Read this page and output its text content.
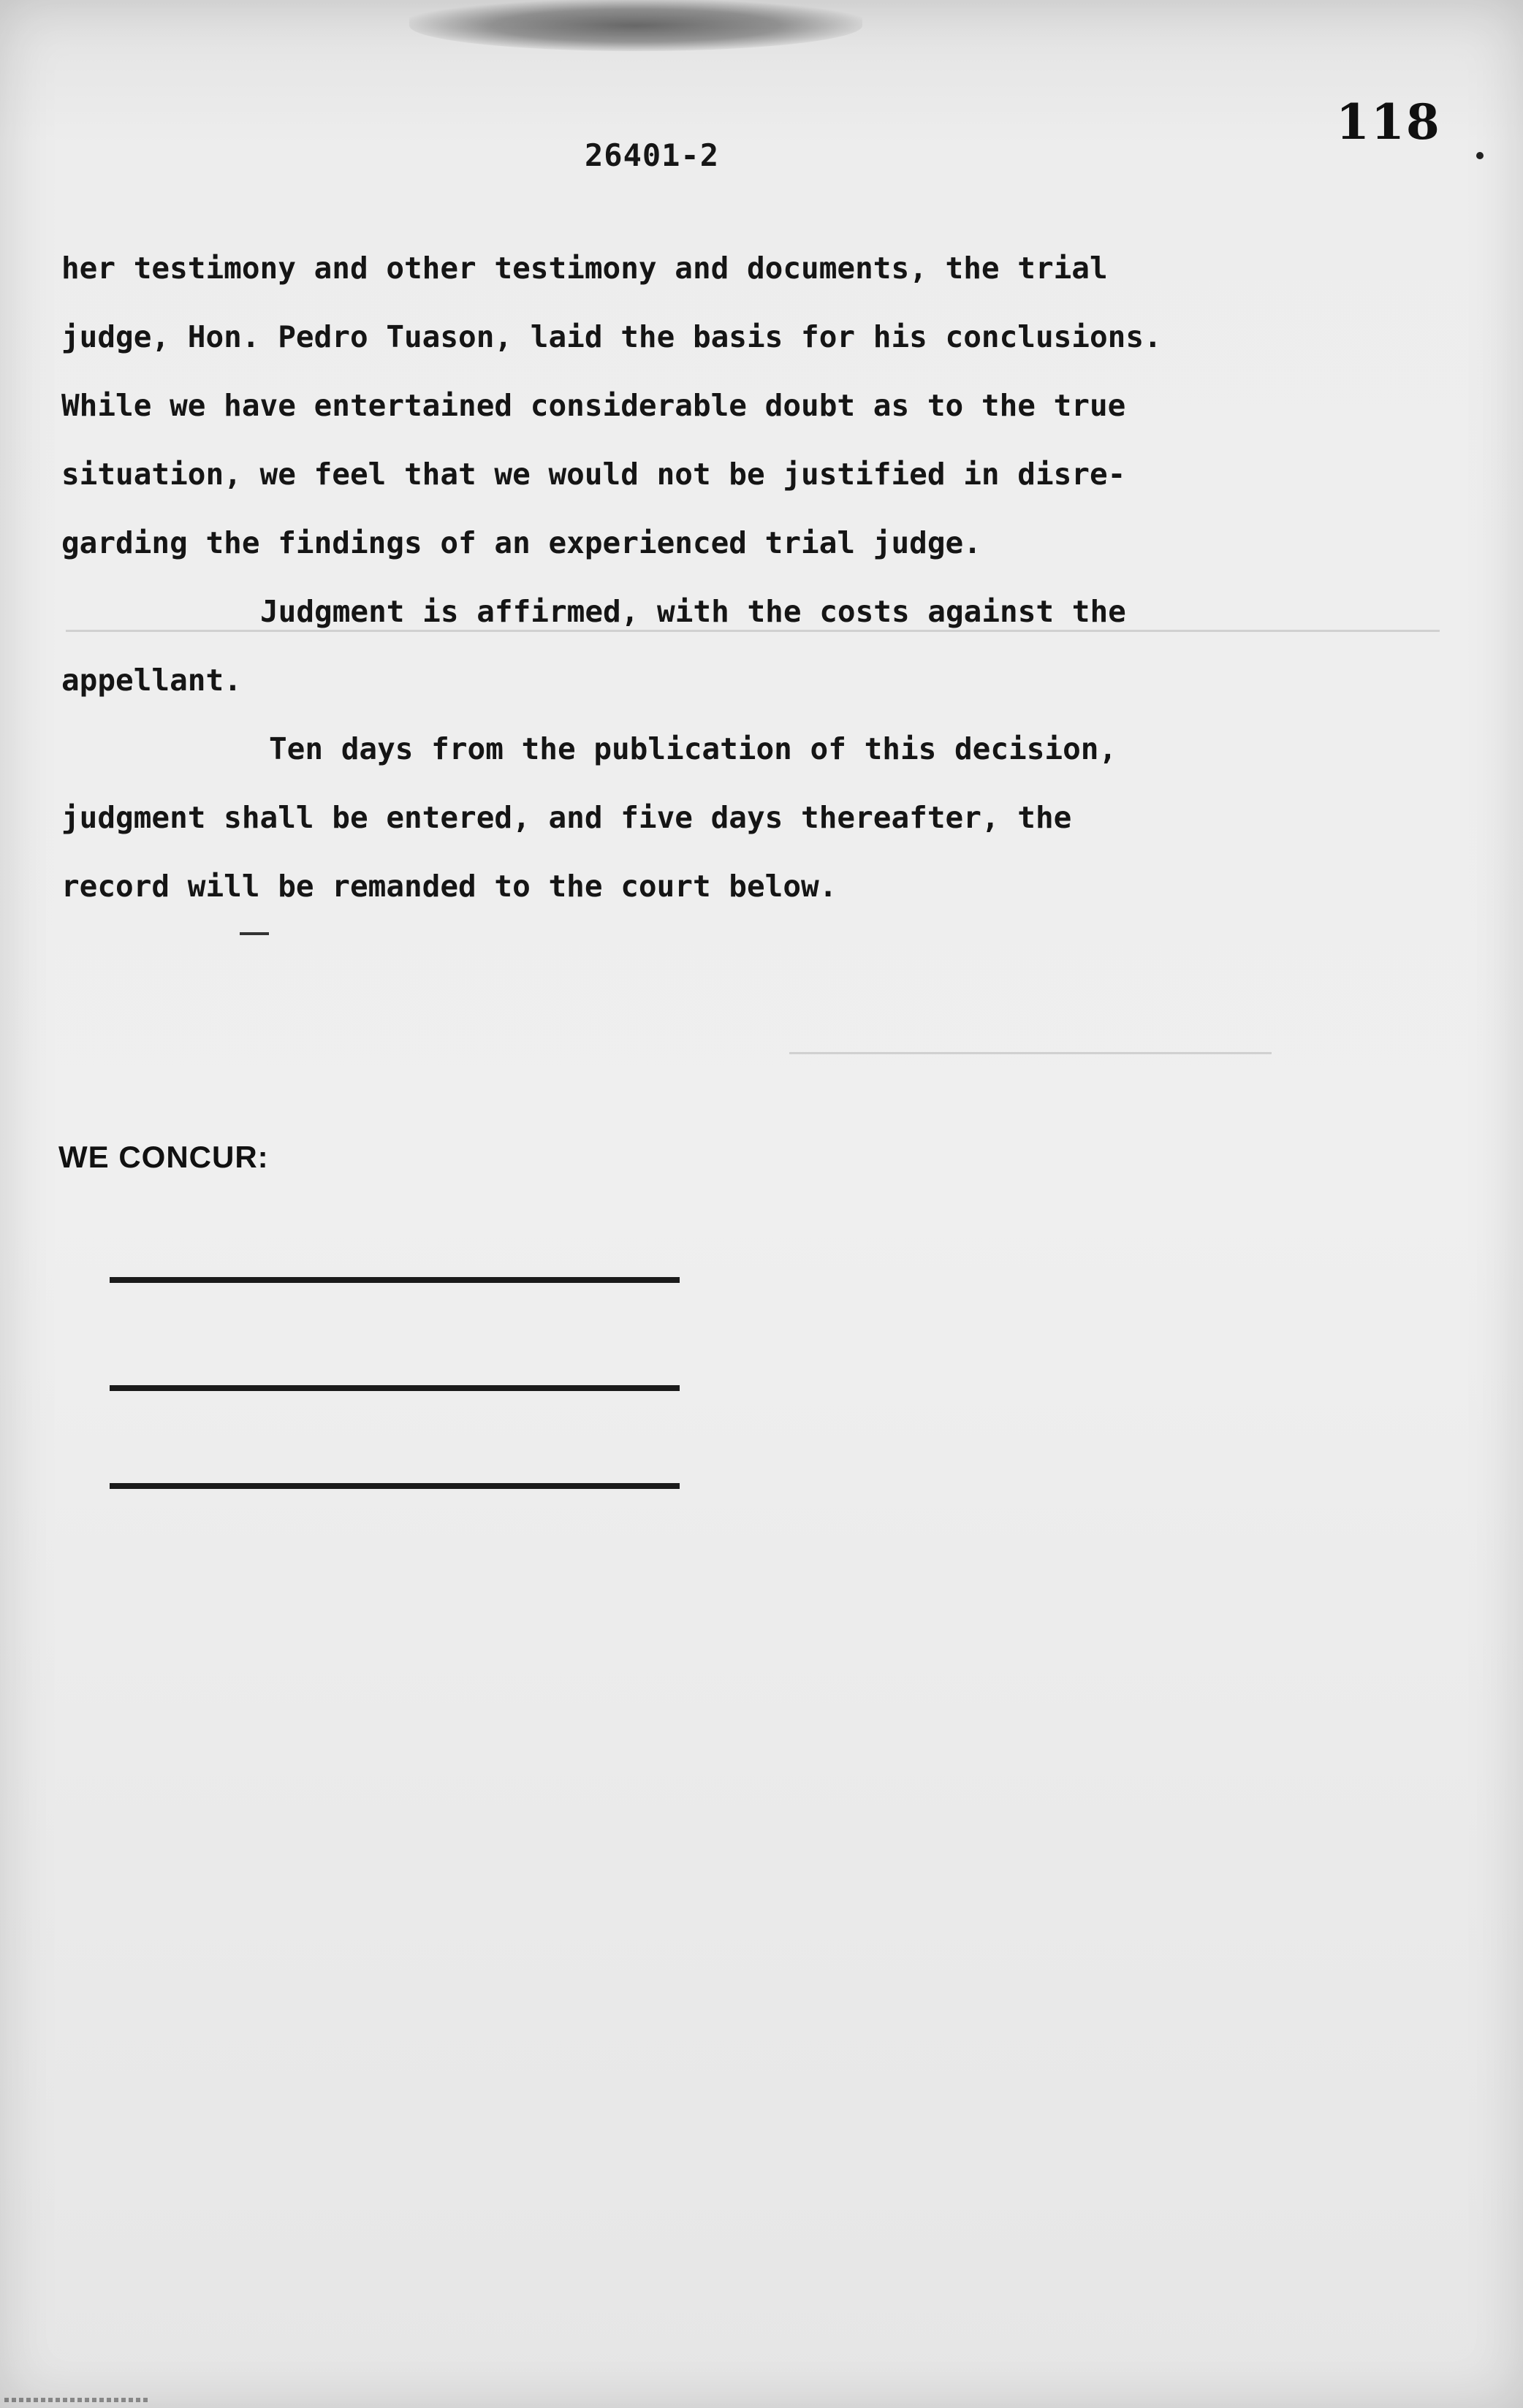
118
26401-2

her testimony and other testimony and documents, the trial

judge, Hon. Pedro Tuason, laid the basis for his conclusions.

While we have entertained considerable doubt as to the true

situation, we feel that we would not be justified in disre-

garding the findings of an experienced trial judge.

Judgment is affirmed, with the costs against the

appellant.

Ten days from the publication of this decision,

judgment shall be entered, and five days thereafter, the

record will be remanded to the court below.

WE CONCUR:
